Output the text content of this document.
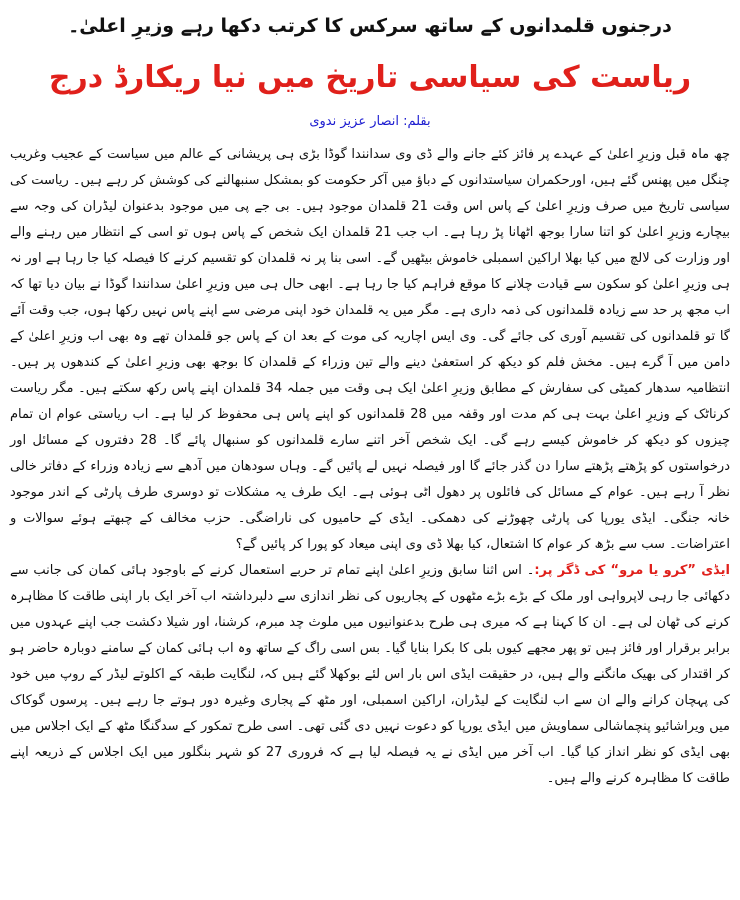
درجنوں قلمدانوں کے ساتھ سرکس کا کرتب دکھا رہے وزیرِ اعلیٰ۔
ریاست کی سیاسی تاریخ میں نیا ریکارڈ درج
بقلم: انصار عزیز ندوی

چھ ماہ قبل وزیرِ اعلیٰ کے عہدے پر فائز کئے جانے والے ڈی وی سدانندا گوڈا بڑی ہی پریشانی کے عالم میں سیاست کے عجیب وغریب چنگل میں پھنس گئے ہیں، اورحکمران سیاستدانوں کے دباؤ میں آکر حکومت کو بمشکل سنبھالنے کی کوشش کر رہے ہیں۔ ریاست کی سیاسی تاریخ میں صرف وزیرِ اعلیٰ کے پاس اس وقت 21 قلمدان موجود ہیں۔ بی جے پی میں موجود بدعنوان لیڈران کی وجہ سے بیچارے وزیرِ اعلیٰ کو اتنا سارا بوجھ اٹھانا پڑ رہا ہے۔ اب جب 21 قلمدان ایک شخص کے پاس ہوں تو اسی کے انتظار میں رہنے والے اور وزارت کی لالچ میں کیا بھلا اراکین اسمبلی خاموش بیٹھیں گے۔ اسی بنا پر نہ قلمدان کو تقسیم کرنے کا فیصلہ کیا جا رہا ہے اور نہ ہی وزیرِ اعلیٰ کو سکون سے قیادت چلانے کا موقع فراہم کیا جا رہا ہے۔ ابھی حال ہی میں وزیرِ اعلیٰ سدانندا گوڈا نے بیان دیا تھا کہ اب مجھ پر حد سے زیادہ قلمدانوں کی ذمہ داری ہے۔ مگر میں یہ قلمدان خود اپنی مرضی سے اپنے پاس نہیں رکھا ہوں، جب وقت آئے گا تو قلمدانوں کی تقسیم آوری کی جائے گی۔ وی ایس اچاریہ کی موت کے بعد ان کے پاس جو قلمدان تھے وہ بھی اب وزیرِ اعلیٰ کے دامن میں آ گرے ہیں۔ مخش فلم کو دیکھ کر استعفیٰ دینے والے تین وزراء کے قلمدان کا بوجھ بھی وزیرِ اعلیٰ کے کندھوں پر ہیں۔ انتظامیہ سدھار کمیٹی کی سفارش کے مطابق وزیرِ اعلیٰ ایک ہی وقت میں جملہ 34 قلمدان اپنے پاس رکھ سکتے ہیں۔ مگر ریاست کرناٹک کے وزیرِ اعلیٰ بہت ہی کم مدت اور وقفہ میں 28 قلمدانوں کو اپنے پاس ہی محفوظ کر لیا ہے۔ اب ریاستی عوام ان تمام چیزوں کو دیکھ کر خاموش کیسے رہے گی۔ ایک شخص آخر اتنے سارے قلمدانوں کو سنبھال پائے گا۔ 28 دفتروں کے مسائل اور درخواستوں کو پڑھتے پڑھتے سارا دن گذر جائے گا اور فیصلہ نہیں لے پائیں گے۔ وہاں سودھان میں آدھے سے زیادہ وزراء کے دفاتر خالی نظر آ رہے ہیں۔ عوام کے مسائل کی فائلوں پر دھول اٹی ہوئی ہے۔ ایک طرف یہ مشکلات تو دوسری طرف پارٹی کے اندر موجود خانہ جنگی۔ ایڈی یورپا کی پارٹی چھوڑنے کی دھمکی۔ ایڈی کے حامیوں کی ناراضگی۔ حزب مخالف کے چبھتے ہوئے سوالات و اعتراضات۔ سب سے بڑھ کر عوام کا اشتعال، کیا بھلا ڈی وی اپنی میعاد کو پورا کر پائیں گے؟

ایڈی ”کرو یا مرو“ کی ڈگر پر:۔ اس اثنا سابق وزیرِ اعلیٰ اپنے تمام تر حربے استعمال کرنے کے باوجود ہائی کمان کی جانب سے دکھائی جا رہی لاپرواہی اور ملک کے بڑے بڑے مٹھوں کے پجاریوں کی نظر اندازی سے دلبرداشتہ اب آخر ایک بار اپنی طاقت کا مظاہرہ کرنے کی ٹھان لی ہے۔ ان کا کہنا ہے کہ میری ہی طرح بدعنوانیوں میں ملوث چد مبرم، کرشنا، اور شیلا دکشت جب اپنے عہدوں میں برابر برقرار اور فائز ہیں تو پھر مجھے کیوں بلی کا بکرا بنایا گیا۔ بس اسی راگ کے ساتھ وہ اب ہائی کمان کے سامنے دوبارہ حاضر ہو کر اقتدار کی بھیک مانگنے والے ہیں، در حقیقت ایڈی اس بار اس لئے بوکھلا گئے ہیں کہ، لنگایت طبقہ کے اکلوتے لیڈر کے روپ میں خود کی پہچان کرانے والے ان سے اب لنگایت کے لیڈران، اراکین اسمبلی، اور مٹھ کے پجاری وغیرہ دور ہوتے جا رہے ہیں۔ پرسوں گوکاک میں ویراشائیو پنچماشالی سماویش میں ایڈی یورپا کو دعوت نہیں دی گئی تھی۔ اسی طرح تمکور کے سدگنگا مٹھ کے ایک اجلاس میں بھی ایڈی کو نظر انداز کیا گیا۔ اب آخر میں ایڈی نے یہ فیصلہ لیا ہے کہ فروری 27 کو شہر بنگلور میں ایک اجلاس کے ذریعہ اپنے طاقت کا مظاہرہ کرنے والے ہیں۔
